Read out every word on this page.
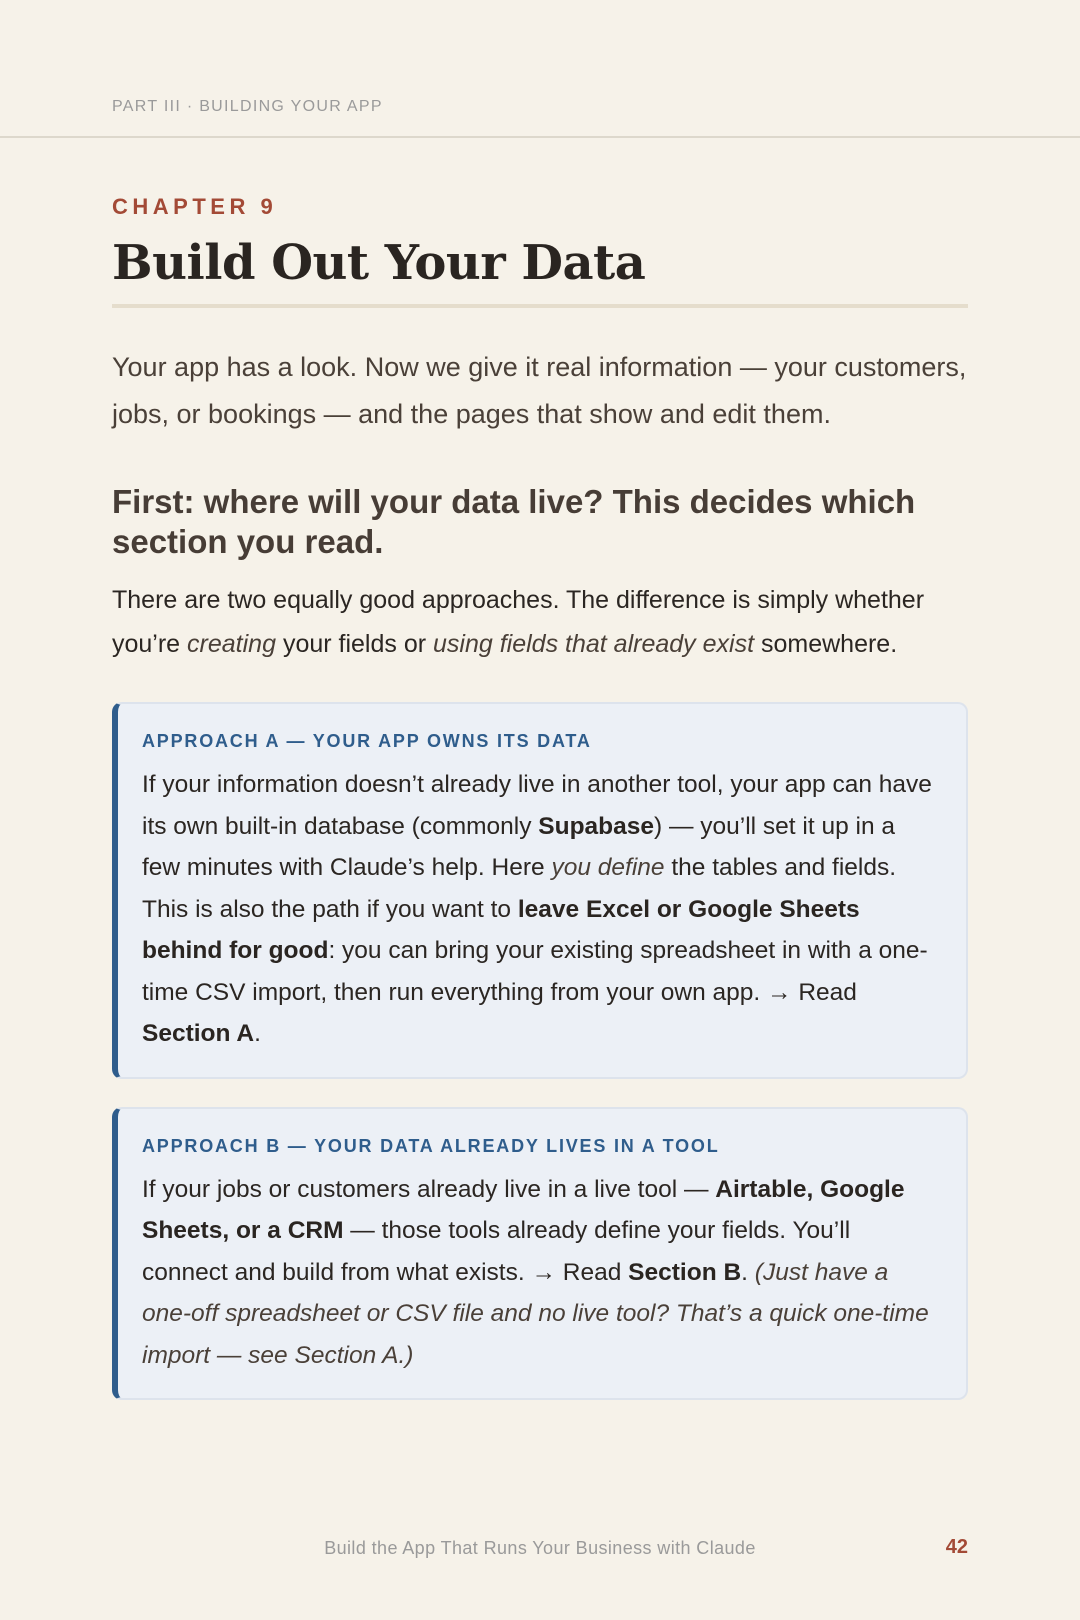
PART III · BUILDING YOUR APP
CHAPTER 9
Build Out Your Data

Your app has a look. Now we give it real information — your customers, jobs, or bookings — and the pages that show and edit them.

First: where will your data live? This decides which section you read.

There are two equally good approaches. The difference is simply whether you’re creating your fields or using fields that already exist somewhere.

APPROACH A — YOUR APP OWNS ITS DATA

If your information doesn’t already live in another tool, your app can have its own built-in database (commonly Supabase) — you’ll set it up in a few minutes with Claude’s help. Here you define the tables and fields. This is also the path if you want to leave Excel or Google Sheets behind for good: you can bring your existing spreadsheet in with a one-time CSV import, then run everything from your own app. → Read Section A.

APPROACH B — YOUR DATA ALREADY LIVES IN A TOOL

If your jobs or customers already live in a live tool — Airtable, Google Sheets, or a CRM — those tools already define your fields. You’ll connect and build from what exists. → Read Section B. (Just have a one-off spreadsheet or CSV file and no live tool? That’s a quick one-time import — see Section A.)

Build the App That Runs Your Business with Claude	42
